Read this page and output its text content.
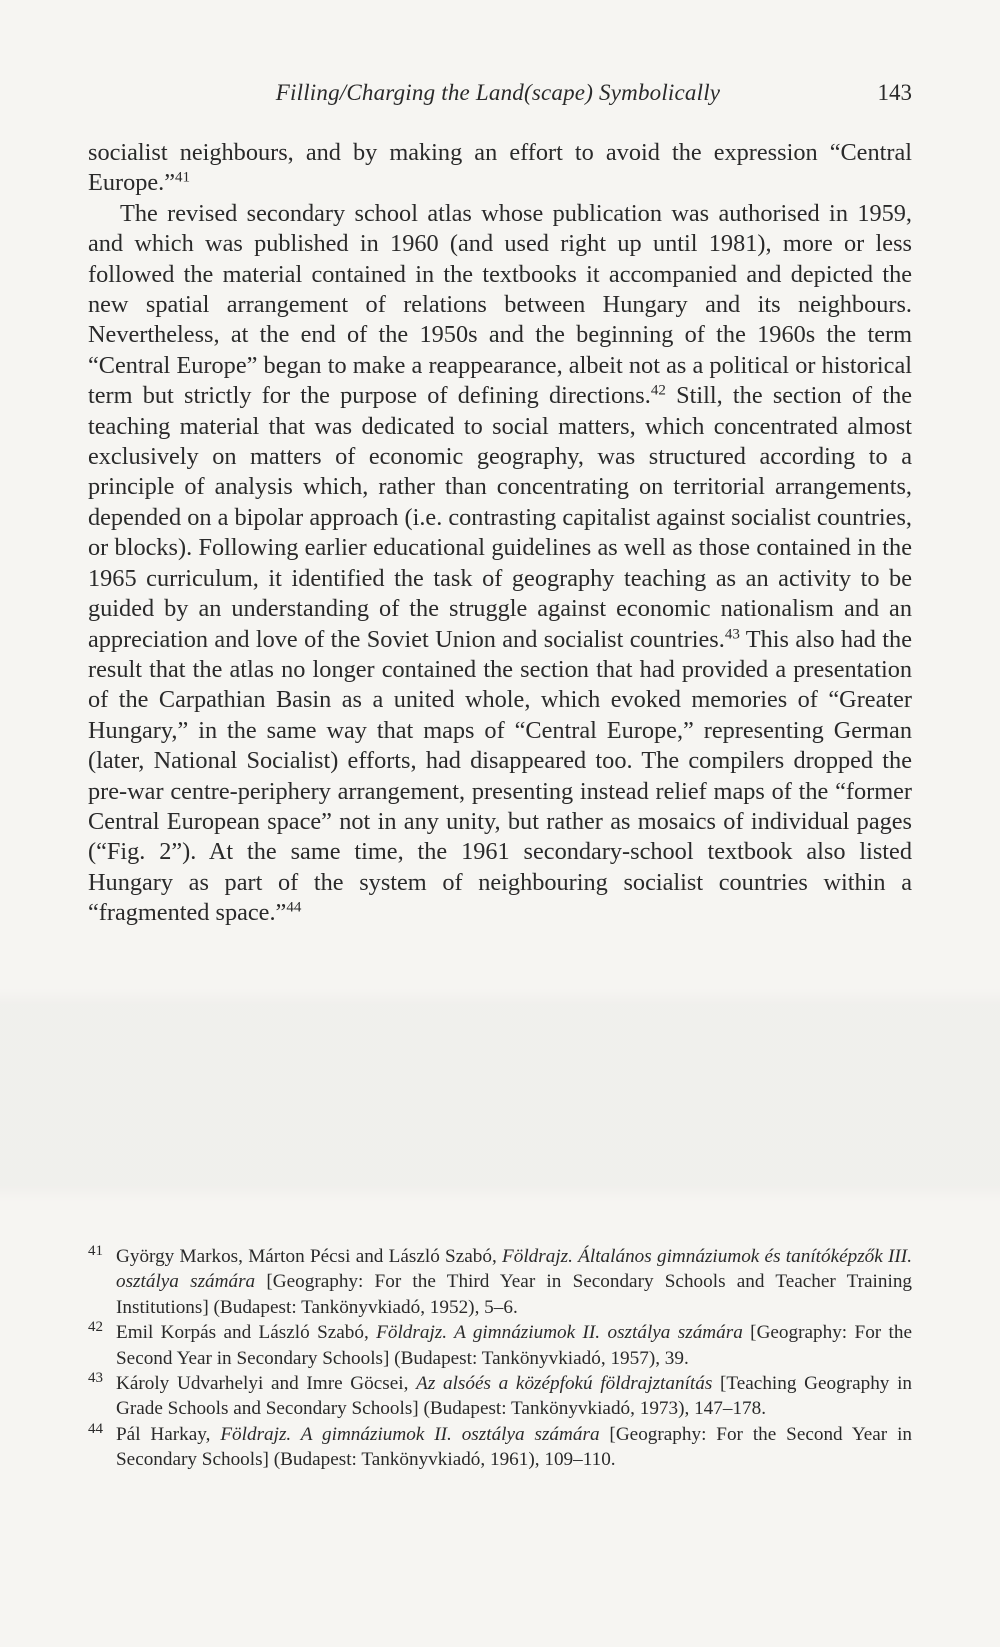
Filling/Charging the Land(scape) Symbolically	143

socialist neighbours, and by making an effort to avoid the expression “Central Europe.”$^{41}$

The revised secondary school atlas whose publication was authorised in 1959, and which was published in 1960 (and used right up until 1981), more or less followed the material contained in the textbooks it accompanied and depicted the new spatial arrangement of relations between Hungary and its neighbours. Nevertheless, at the end of the 1950s and the beginning of the 1960s the term “Central Europe” began to make a reappearance, albeit not as a political or historical term but strictly for the purpose of defining directions.$^{42}$ Still, the section of the teaching material that was dedicated to social matters, which concentrated almost exclusively on matters of economic geography, was structured according to a principle of analysis which, rather than concentrating on territorial arrangements, depended on a bipolar approach (i.e. contrasting capitalist against socialist countries, or blocks). Following earlier educational guidelines as well as those contained in the 1965 curriculum, it identified the task of geography teaching as an activity to be guided by an understanding of the struggle against economic nationalism and an appreciation and love of the Soviet Union and socialist countries.$^{43}$ This also had the result that the atlas no longer contained the section that had provided a presentation of the Carpathian Basin as a united whole, which evoked memories of “Greater Hungary,” in the same way that maps of “Central Europe,” representing German (later, National Socialist) efforts, had disappeared too. The compilers dropped the pre-war centre-periphery arrangement, presenting instead relief maps of the “former Central European space” not in any unity, but rather as mosaics of individual pages (“Fig. 2”). At the same time, the 1961 secondary-school textbook also listed Hungary as part of the system of neighbouring socialist countries within a “fragmented space.”$^{44}$

41 György Markos, Márton Pécsi and László Szabó, Földrajz. Általános gimnáziumok és tanítóképzők III. osztálya számára [Geography: For the Third Year in Secondary Schools and Teacher Training Institutions] (Budapest: Tankönyvkiadó, 1952), 5–6.
42 Emil Korpás and László Szabó, Földrajz. A gimnáziumok II. osztálya számára [Geography: For the Second Year in Secondary Schools] (Budapest: Tankönyvkiadó, 1957), 39.
43 Károly Udvarhelyi and Imre Göcsei, Az alsóés a középfokú földrajztanítás [Teaching Geography in Grade Schools and Secondary Schools] (Budapest: Tankönyvkiadó, 1973), 147–178.
44 Pál Harkay, Földrajz. A gimnáziumok II. osztálya számára [Geography: For the Second Year in Secondary Schools] (Budapest: Tankönyvkiadó, 1961), 109–110.
